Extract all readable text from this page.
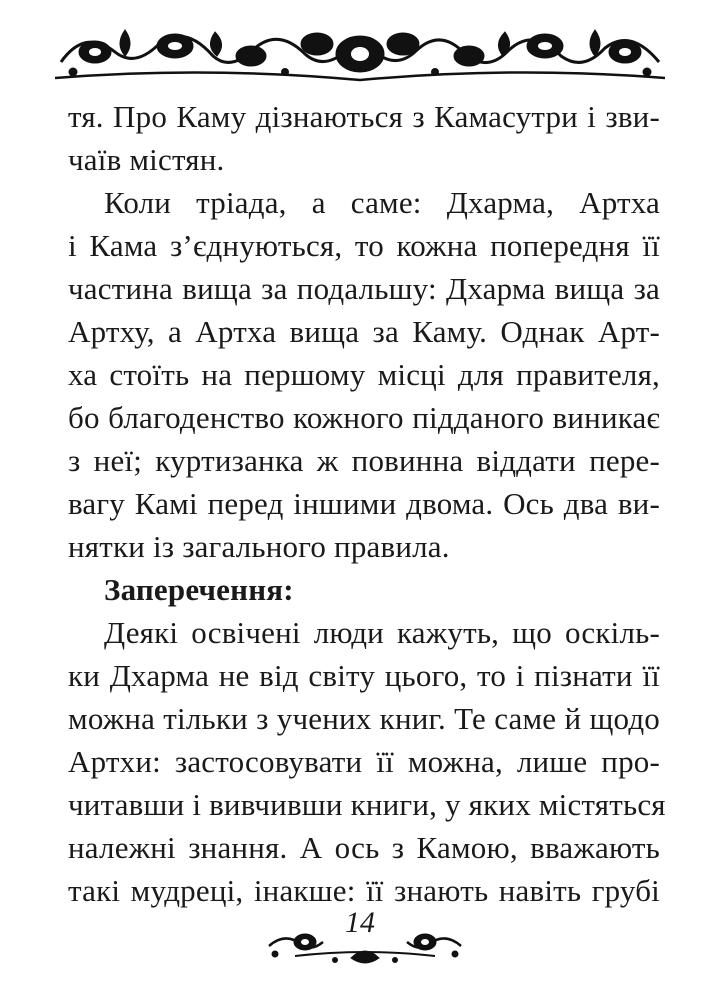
тя. Про Каму дізнаються з Камасутри і зви-
чаїв містян.
Коли тріада, а саме: Дхарма, Артха
і Кама з’єднуються, то кожна попередня її
частина вища за подальшу: Дхарма вища за
Артху, а Артха вища за Каму. Однак Арт-
ха стоїть на першому місці для правителя,
бо благоденство кожного підданого виникає
з неї; куртизанка ж повинна віддати пере-
вагу Камі перед іншими двома. Ось два ви-
нятки із загального правила.
Заперечення:
Деякі освічені люди кажуть, що оскіль-
ки Дхарма не від світу цього, то і пізнати її
можна тільки з учених книг. Те саме й щодо
Артхи: застосовувати її можна, лише про-
читавши і вивчивши книги, у яких містяться
належні знання. А ось з Камою, вважають
такі мудреці, інакше: її знають навіть грубі
14
